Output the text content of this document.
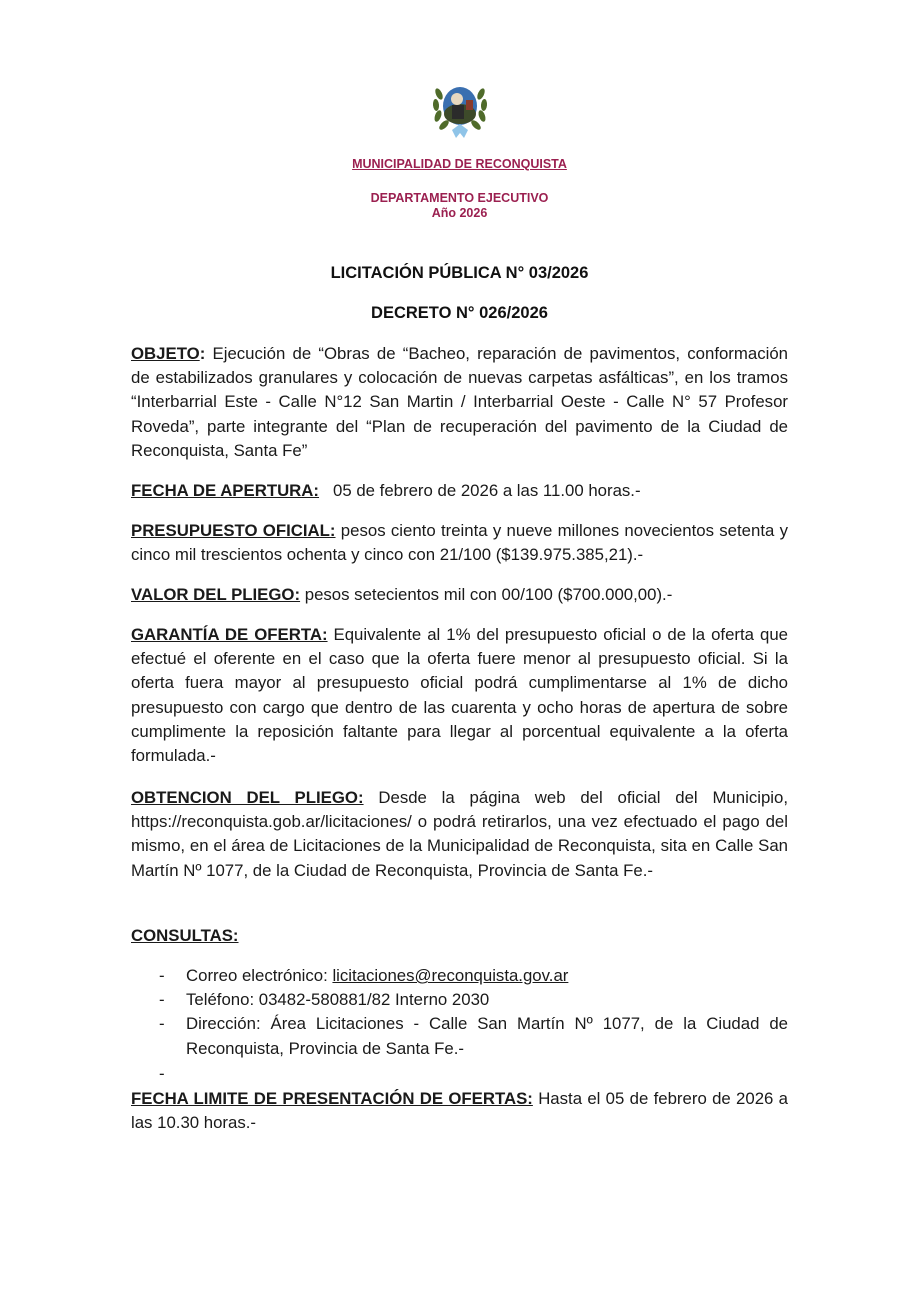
MUNICIPALIDAD DE RECONQUISTA
DEPARTAMENTO EJECUTIVO
Año 2026
LICITACIÓN PÚBLICA N° 03/2026
DECRETO N° 026/2026
OBJETO: Ejecución de “Obras de “Bacheo, reparación de pavimentos, conformación de estabilizados granulares y colocación de nuevas carpetas asfálticas”, en los tramos “Interbarrial Este - Calle N°12 San Martin / Interbarrial Oeste - Calle N° 57 Profesor Roveda”, parte integrante del “Plan de recuperación del pavimento de la Ciudad de Reconquista, Santa Fe”
FECHA DE APERTURA:   05 de febrero de 2026 a las 11.00 horas.-
PRESUPUESTO OFICIAL: pesos ciento treinta y nueve millones novecientos setenta y cinco mil trescientos ochenta y cinco con 21/100 ($139.975.385,21).-
VALOR DEL PLIEGO: pesos setecientos mil con 00/100 ($700.000,00).-
GARANTÍA DE OFERTA: Equivalente al 1% del presupuesto oficial o de la oferta que efectué el oferente en el caso que la oferta fuere menor al presupuesto oficial. Si la oferta fuera mayor al presupuesto oficial podrá cumplimentarse al 1% de dicho presupuesto con cargo que dentro de las cuarenta y ocho horas de apertura de sobre cumplimente la reposición faltante para llegar al porcentual equivalente a la oferta formulada.-
OBTENCION DEL PLIEGO: Desde la página web del oficial del Municipio, https://reconquista.gob.ar/licitaciones/ o podrá retirarlos, una vez efectuado el pago del mismo, en el área de Licitaciones de la Municipalidad de Reconquista, sita en Calle San Martín Nº 1077, de la Ciudad de Reconquista, Provincia de Santa Fe.-
CONSULTAS:
- Correo electrónico: licitaciones@reconquista.gov.ar
- Teléfono: 03482-580881/82 Interno 2030
- Dirección: Área Licitaciones - Calle San Martín Nº 1077, de la Ciudad de Reconquista, Provincia de Santa Fe.-
-
FECHA LIMITE DE PRESENTACIÓN DE OFERTAS: Hasta el 05 de febrero de 2026 a las 10.30 horas.-
